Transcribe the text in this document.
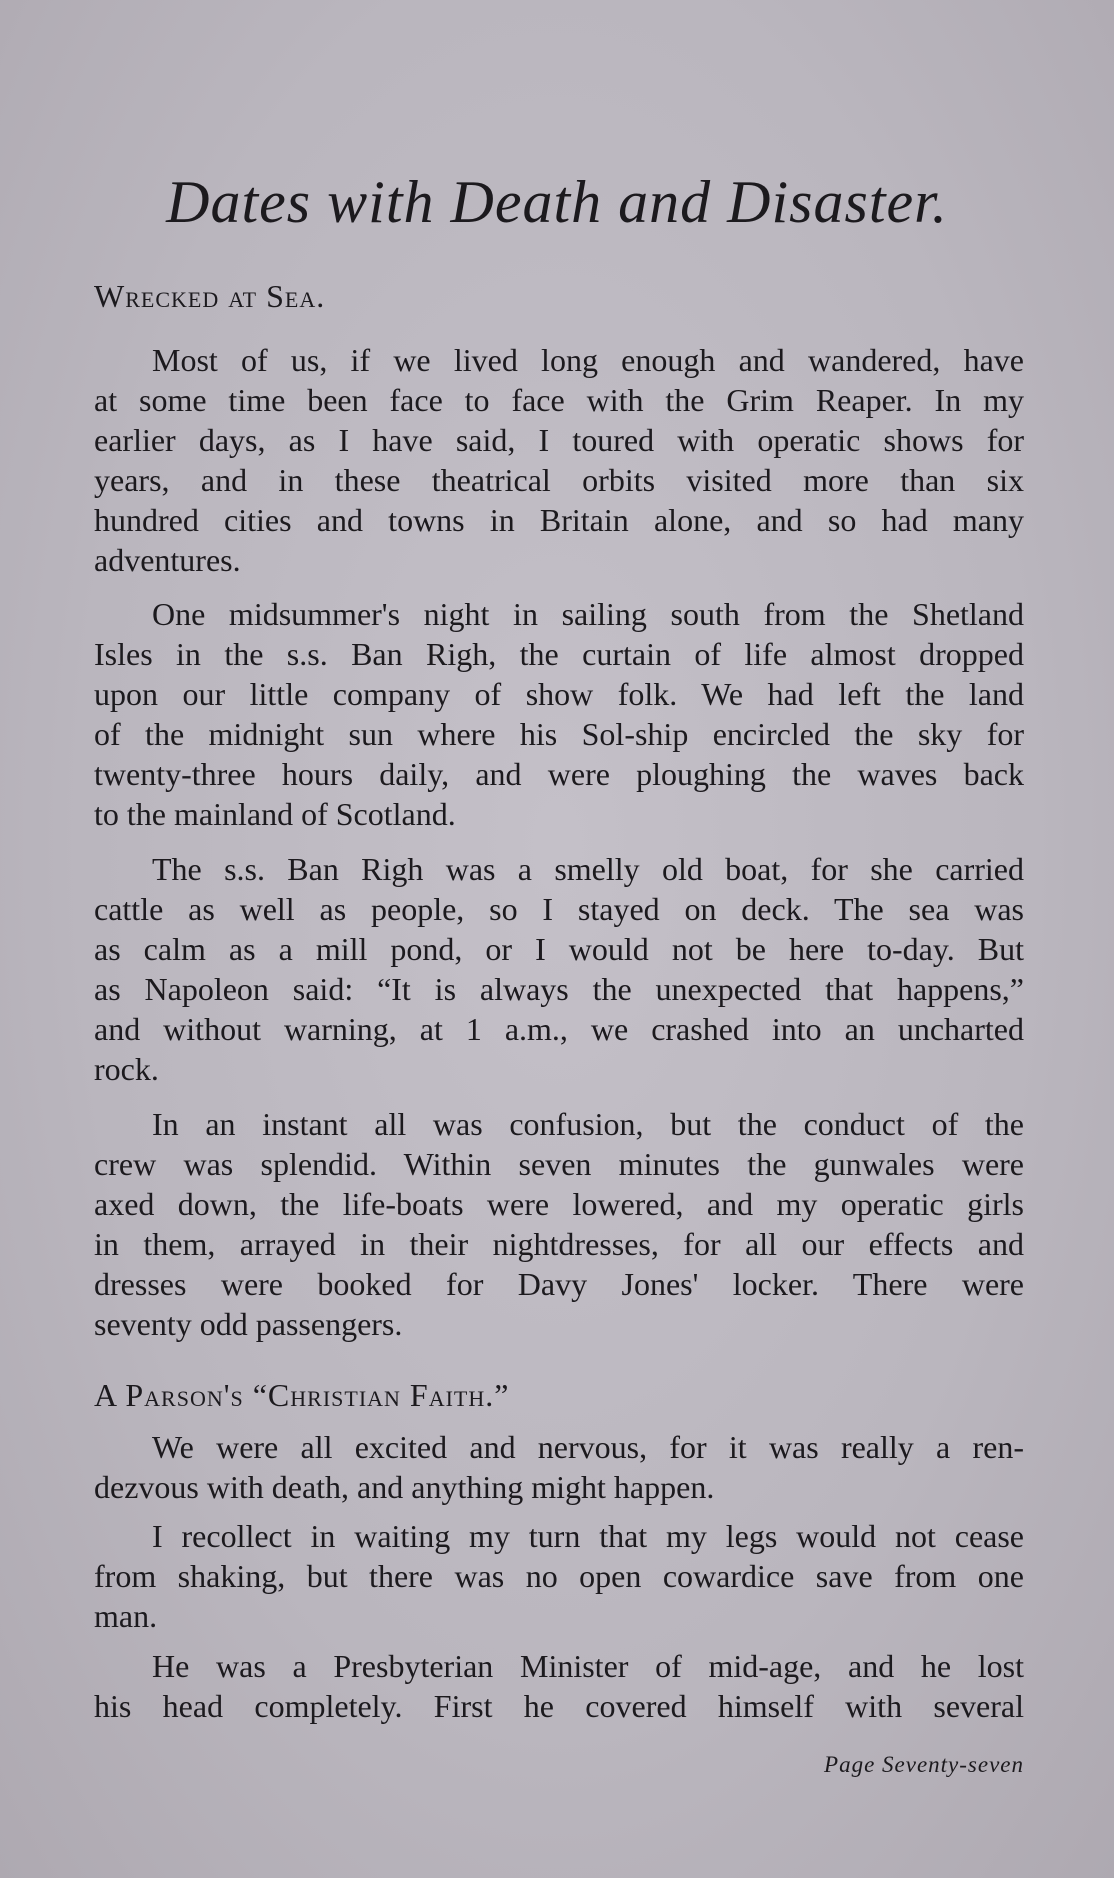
Dates with Death and Disaster.
Wrecked at Sea.
Most of us, if we lived long enough and wandered, have
at some time been face to face with the Grim Reaper. In my
earlier days, as I have said, I toured with operatic shows for
years, and in these theatrical orbits visited more than six
hundred cities and towns in Britain alone, and so had many
adventures.
One midsummer's night in sailing south from the Shetland
Isles in the s.s. Ban Righ, the curtain of life almost dropped
upon our little company of show folk. We had left the land
of the midnight sun where his Sol-ship encircled the sky for
twenty-three hours daily, and were ploughing the waves back
to the mainland of Scotland.
The s.s. Ban Righ was a smelly old boat, for she carried
cattle as well as people, so I stayed on deck. The sea was
as calm as a mill pond, or I would not be here to-day. But
as Napoleon said: “It is always the unexpected that happens,”
and without warning, at 1 a.m., we crashed into an uncharted
rock.
In an instant all was confusion, but the conduct of the
crew was splendid. Within seven minutes the gunwales were
axed down, the life-boats were lowered, and my operatic girls
in them, arrayed in their nightdresses, for all our effects and
dresses were booked for Davy Jones' locker. There were
seventy odd passengers.
A Parson's “Christian Faith.”
We were all excited and nervous, for it was really a ren-
dezvous with death, and anything might happen.
I recollect in waiting my turn that my legs would not cease
from shaking, but there was no open cowardice save from one
man.
He was a Presbyterian Minister of mid-age, and he lost
his head completely. First he covered himself with several
Page Seventy-seven
